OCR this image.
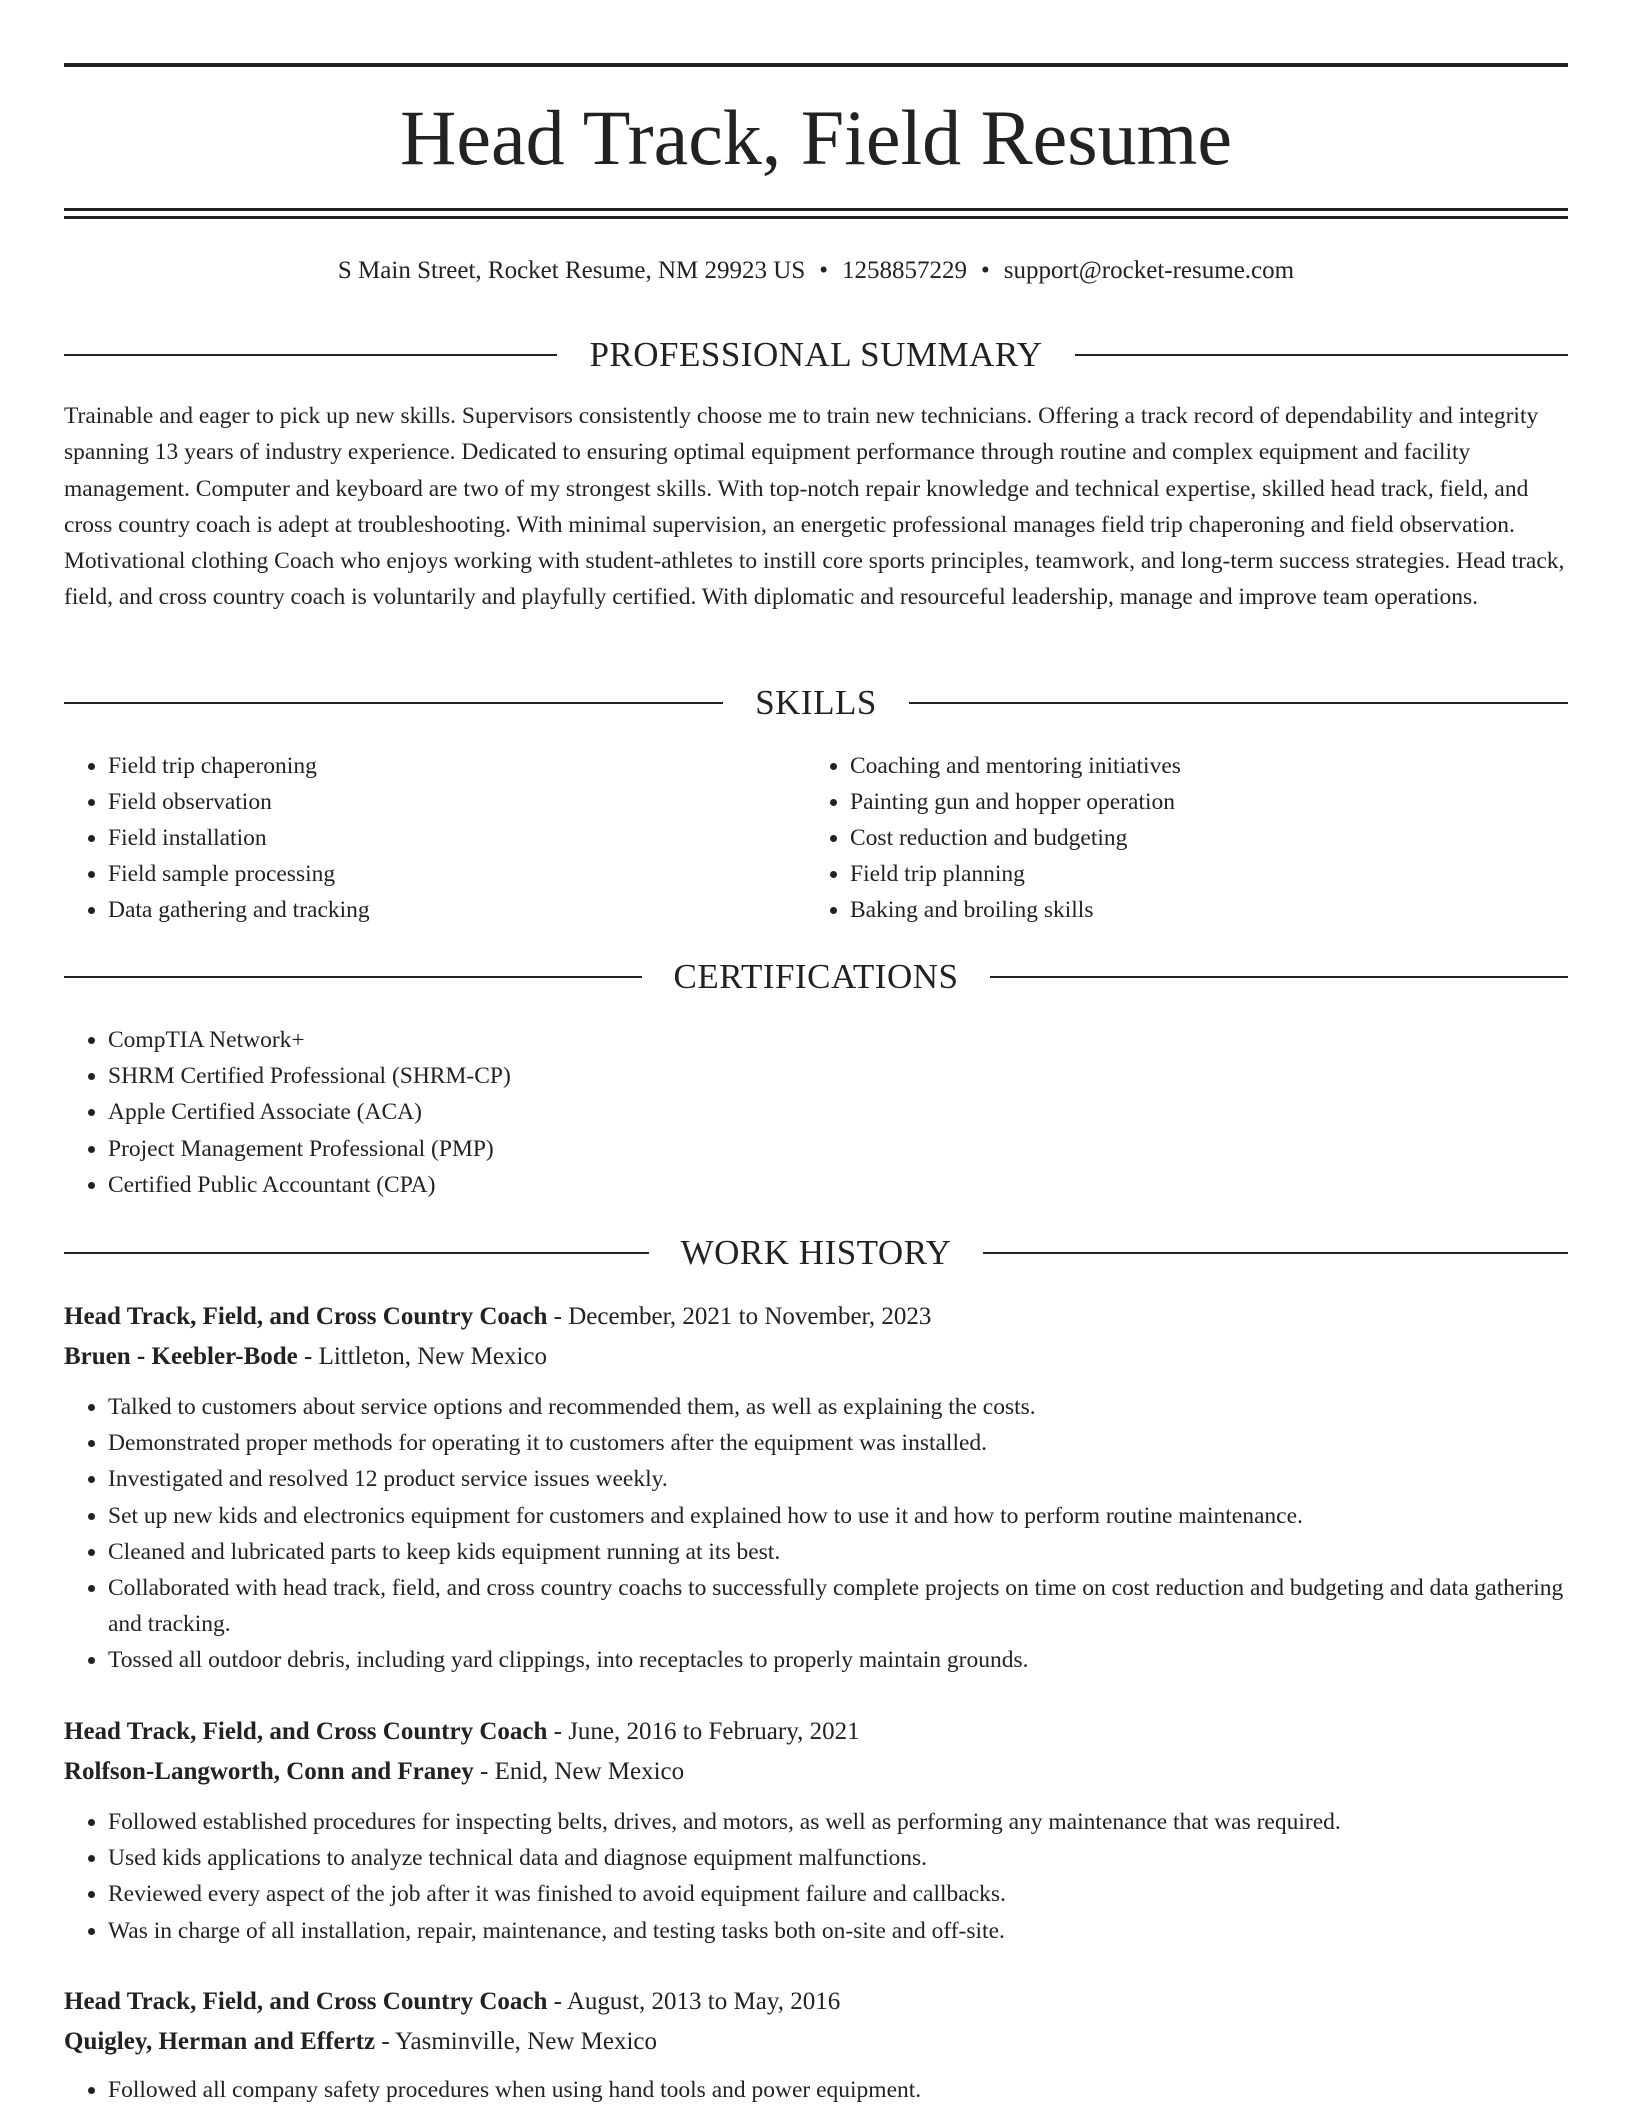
Head Track, Field Resume
S Main Street, Rocket Resume, NM 29923 US • 1258857229 • support@rocket-resume.com
PROFESSIONAL SUMMARY

Trainable and eager to pick up new skills. Supervisors consistently choose me to train new technicians. Offering a track record of dependability and integrity spanning 13 years of industry experience. Dedicated to ensuring optimal equipment performance through routine and complex equipment and facility management. Computer and keyboard are two of my strongest skills. With top-notch repair knowledge and technical expertise, skilled head track, field, and cross country coach is adept at troubleshooting. With minimal supervision, an energetic professional manages field trip chaperoning and field observation. Motivational clothing Coach who enjoys working with student-athletes to instill core sports principles, teamwork, and long-term success strategies. Head track, field, and cross country coach is voluntarily and playfully certified. With diplomatic and resourceful leadership, manage and improve team operations.

SKILLS
• Field trip chaperoning
• Field observation
• Field installation
• Field sample processing
• Data gathering and tracking
• Coaching and mentoring initiatives
• Painting gun and hopper operation
• Cost reduction and budgeting
• Field trip planning
• Baking and broiling skills
CERTIFICATIONS
• CompTIA Network+
• SHRM Certified Professional (SHRM-CP)
• Apple Certified Associate (ACA)
• Project Management Professional (PMP)
• Certified Public Accountant (CPA)
WORK HISTORY
Head Track, Field, and Cross Country Coach - December, 2021 to November, 2023
Bruen - Keebler-Bode - Littleton, New Mexico
• Talked to customers about service options and recommended them, as well as explaining the costs.
• Demonstrated proper methods for operating it to customers after the equipment was installed.
• Investigated and resolved 12 product service issues weekly.
• Set up new kids and electronics equipment for customers and explained how to use it and how to perform routine maintenance.
• Cleaned and lubricated parts to keep kids equipment running at its best.
• Collaborated with head track, field, and cross country coachs to successfully complete projects on time on cost reduction and budgeting and data gathering and tracking.
• Tossed all outdoor debris, including yard clippings, into receptacles to properly maintain grounds.
Head Track, Field, and Cross Country Coach - June, 2016 to February, 2021
Rolfson-Langworth, Conn and Franey - Enid, New Mexico
• Followed established procedures for inspecting belts, drives, and motors, as well as performing any maintenance that was required.
• Used kids applications to analyze technical data and diagnose equipment malfunctions.
• Reviewed every aspect of the job after it was finished to avoid equipment failure and callbacks.
• Was in charge of all installation, repair, maintenance, and testing tasks both on-site and off-site.
Head Track, Field, and Cross Country Coach - August, 2013 to May, 2016
Quigley, Herman and Effertz - Yasminville, New Mexico
• Followed all company safety procedures when using hand tools and power equipment.
